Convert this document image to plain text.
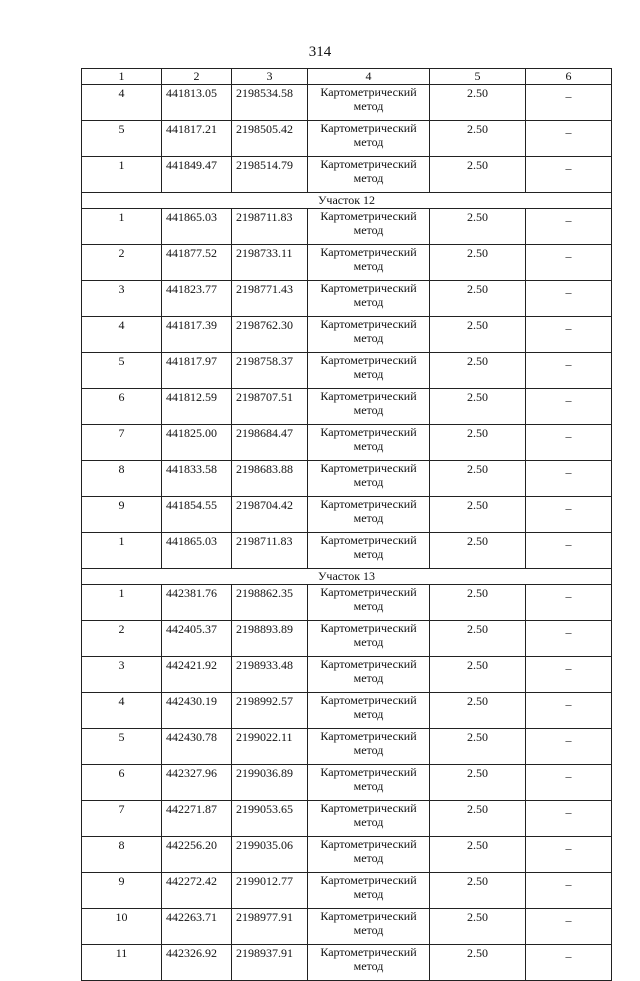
314
1	2	3	4	5	6
4	441813.05	2198534.58	Картометрический метод	2.50	–
5	441817.21	2198505.42	Картометрический метод	2.50	–
1	441849.47	2198514.79	Картометрический метод	2.50	–
Участок 12					
1	441865.03	2198711.83	Картометрический метод	2.50	–
2	441877.52	2198733.11	Картометрический метод	2.50	–
3	441823.77	2198771.43	Картометрический метод	2.50	–
4	441817.39	2198762.30	Картометрический метод	2.50	–
5	441817.97	2198758.37	Картометрический метод	2.50	–
6	441812.59	2198707.51	Картометрический метод	2.50	–
7	441825.00	2198684.47	Картометрический метод	2.50	–
8	441833.58	2198683.88	Картометрический метод	2.50	–
9	441854.55	2198704.42	Картометрический метод	2.50	–
1	441865.03	2198711.83	Картометрический метод	2.50	–
Участок 13					
1	442381.76	2198862.35	Картометрический метод	2.50	–
2	442405.37	2198893.89	Картометрический метод	2.50	–
3	442421.92	2198933.48	Картометрический метод	2.50	–
4	442430.19	2198992.57	Картометрический метод	2.50	–
5	442430.78	2199022.11	Картометрический метод	2.50	–
6	442327.96	2199036.89	Картометрический метод	2.50	–
7	442271.87	2199053.65	Картометрический метод	2.50	–
8	442256.20	2199035.06	Картометрический метод	2.50	–
9	442272.42	2199012.77	Картометрический метод	2.50	–
10	442263.71	2198977.91	Картометрический метод	2.50	–
11	442326.92	2198937.91	Картометрический метод	2.50	–
